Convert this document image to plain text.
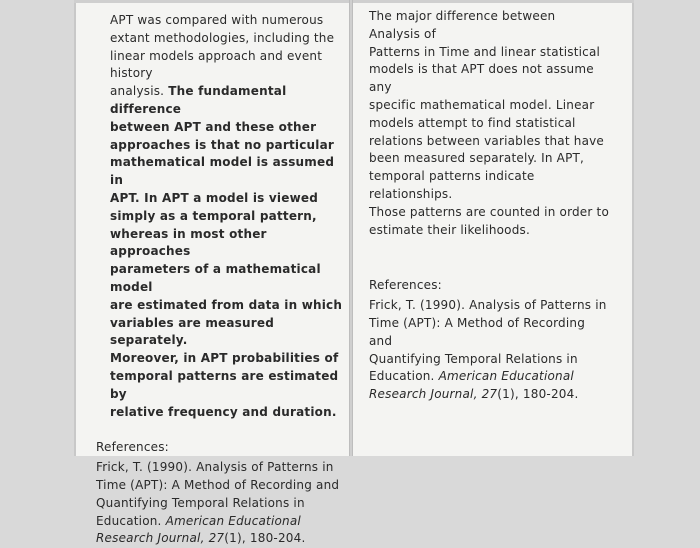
APT was compared with numerous
extant methodologies, including the
linear models approach and event history
analysis. The fundamental difference
between APT and these other
approaches is that no particular
mathematical model is assumed in
APT. In APT a model is viewed
simply as a temporal pattern,
whereas in most other approaches
parameters of a mathematical model
are estimated from data in which
variables are measured separately.
Moreover, in APT probabilities of
temporal patterns are estimated by
relative frequency and duration.

References:
Frick, T. (1990). Analysis of Patterns in
Time (APT): A Method of Recording and
Quantifying Temporal Relations in
Education. American Educational
Research Journal, 27(1), 180-204.

The major difference between Analysis of
Patterns in Time and linear statistical
models is that APT does not assume any
specific mathematical model. Linear
models attempt to find statistical
relations between variables that have
been measured separately. In APT,
temporal patterns indicate relationships.
Those patterns are counted in order to
estimate their likelihoods.

References:
Frick, T. (1990). Analysis of Patterns in
Time (APT): A Method of Recording and
Quantifying Temporal Relations in
Education. American Educational
Research Journal, 27(1), 180-204.
